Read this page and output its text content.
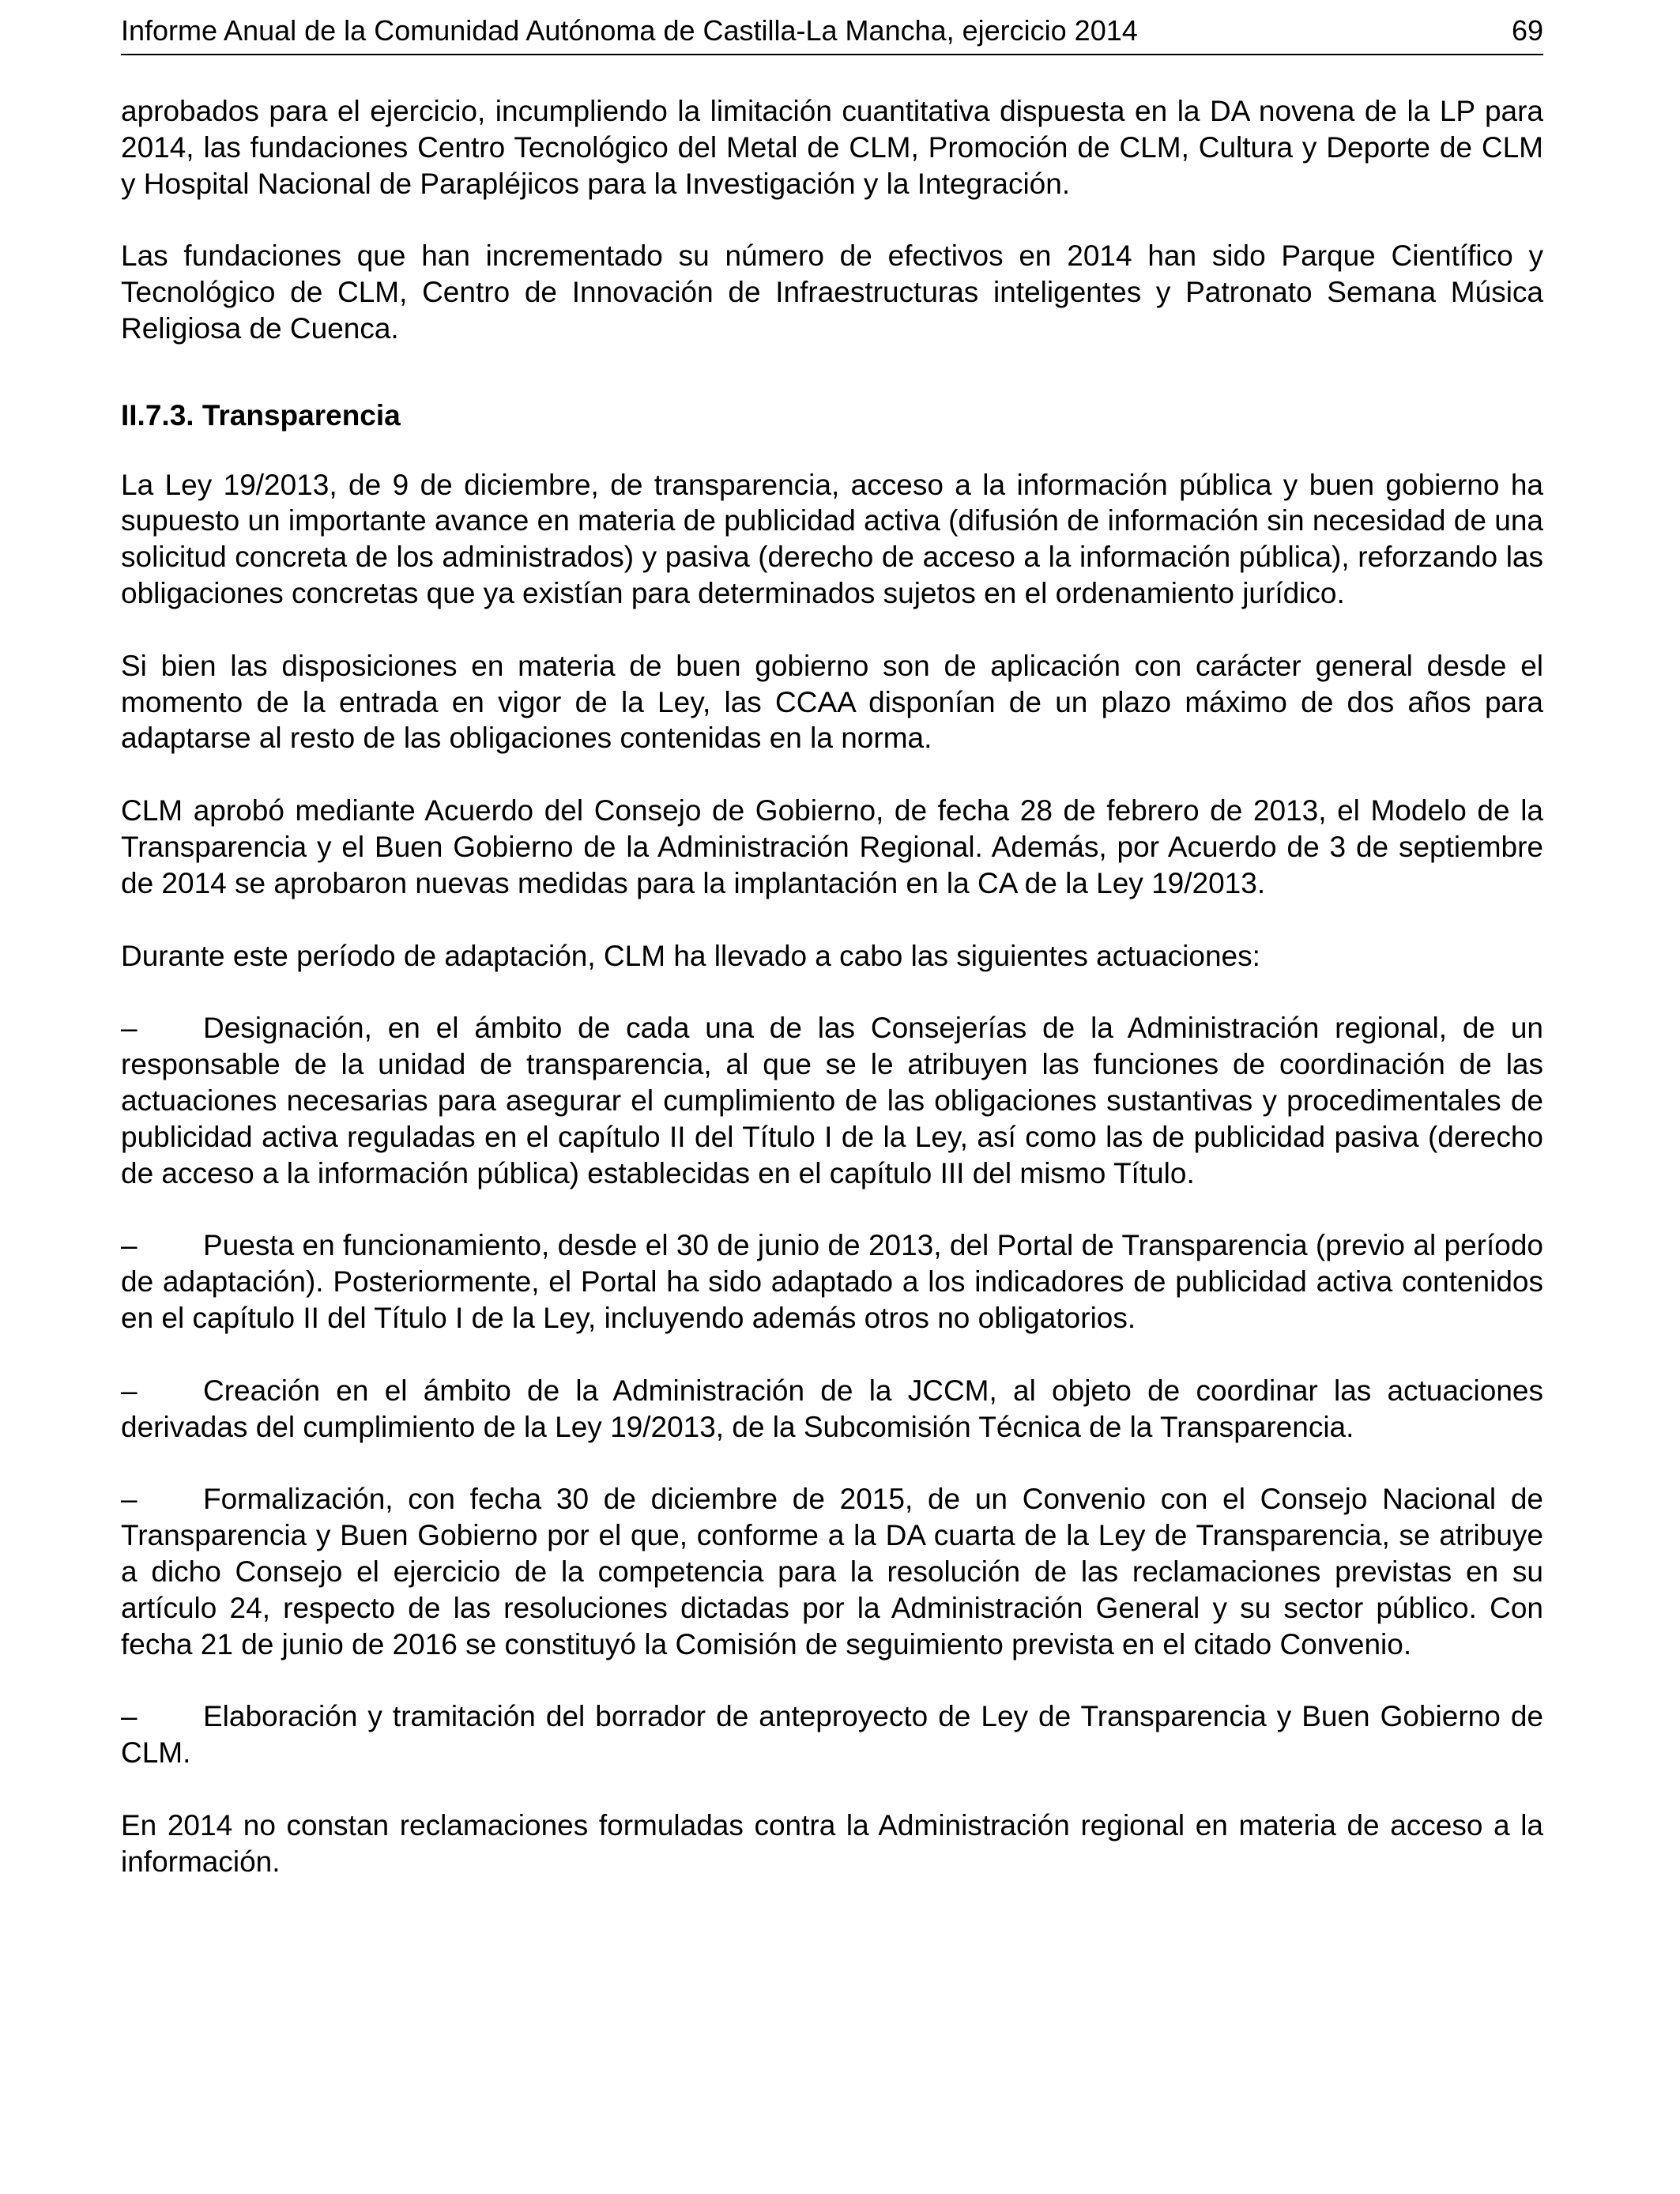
Informe Anual de la Comunidad Autónoma de Castilla-La Mancha, ejercicio 2014	69

aprobados para el ejercicio, incumpliendo la limitación cuantitativa dispuesta en la DA novena de la LP para 2014, las fundaciones Centro Tecnológico del Metal de CLM, Promoción de CLM, Cultura y Deporte de CLM y Hospital Nacional de Parapléjicos para la Investigación y la Integración.

Las fundaciones que han incrementado su número de efectivos en 2014 han sido Parque Científico y Tecnológico de CLM, Centro de Innovación de Infraestructuras inteligentes y Patronato Semana Música Religiosa de Cuenca.

II.7.3. Transparencia

La Ley 19/2013, de 9 de diciembre, de transparencia, acceso a la información pública y buen gobierno ha supuesto un importante avance en materia de publicidad activa (difusión de información sin necesidad de una solicitud concreta de los administrados) y pasiva (derecho de acceso a la información pública), reforzando las obligaciones concretas que ya existían para determinados sujetos en el ordenamiento jurídico.

Si bien las disposiciones en materia de buen gobierno son de aplicación con carácter general desde el momento de la entrada en vigor de la Ley, las CCAA disponían de un plazo máximo de dos años para adaptarse al resto de las obligaciones contenidas en la norma.

CLM aprobó mediante Acuerdo del Consejo de Gobierno, de fecha 28 de febrero de 2013, el Modelo de la Transparencia y el Buen Gobierno de la Administración Regional. Además, por Acuerdo de 3 de septiembre de 2014 se aprobaron nuevas medidas para la implantación en la CA de la Ley 19/2013.

Durante este período de adaptación, CLM ha llevado a cabo las siguientes actuaciones:

‒ Designación, en el ámbito de cada una de las Consejerías de la Administración regional, de un responsable de la unidad de transparencia, al que se le atribuyen las funciones de coordinación de las actuaciones necesarias para asegurar el cumplimiento de las obligaciones sustantivas y procedimentales de publicidad activa reguladas en el capítulo II del Título I de la Ley, así como las de publicidad pasiva (derecho de acceso a la información pública) establecidas en el capítulo III del mismo Título.

‒ Puesta en funcionamiento, desde el 30 de junio de 2013, del Portal de Transparencia (previo al período de adaptación). Posteriormente, el Portal ha sido adaptado a los indicadores de publicidad activa contenidos en el capítulo II del Título I de la Ley, incluyendo además otros no obligatorios.

‒ Creación en el ámbito de la Administración de la JCCM, al objeto de coordinar las actuaciones derivadas del cumplimiento de la Ley 19/2013, de la Subcomisión Técnica de la Transparencia.

‒ Formalización, con fecha 30 de diciembre de 2015, de un Convenio con el Consejo Nacional de Transparencia y Buen Gobierno por el que, conforme a la DA cuarta de la Ley de Transparencia, se atribuye a dicho Consejo el ejercicio de la competencia para la resolución de las reclamaciones previstas en su artículo 24, respecto de las resoluciones dictadas por la Administración General y su sector público. Con fecha 21 de junio de 2016 se constituyó la Comisión de seguimiento prevista en el citado Convenio.

‒ Elaboración y tramitación del borrador de anteproyecto de Ley de Transparencia y Buen Gobierno de CLM.

En 2014 no constan reclamaciones formuladas contra la Administración regional en materia de acceso a la información.
